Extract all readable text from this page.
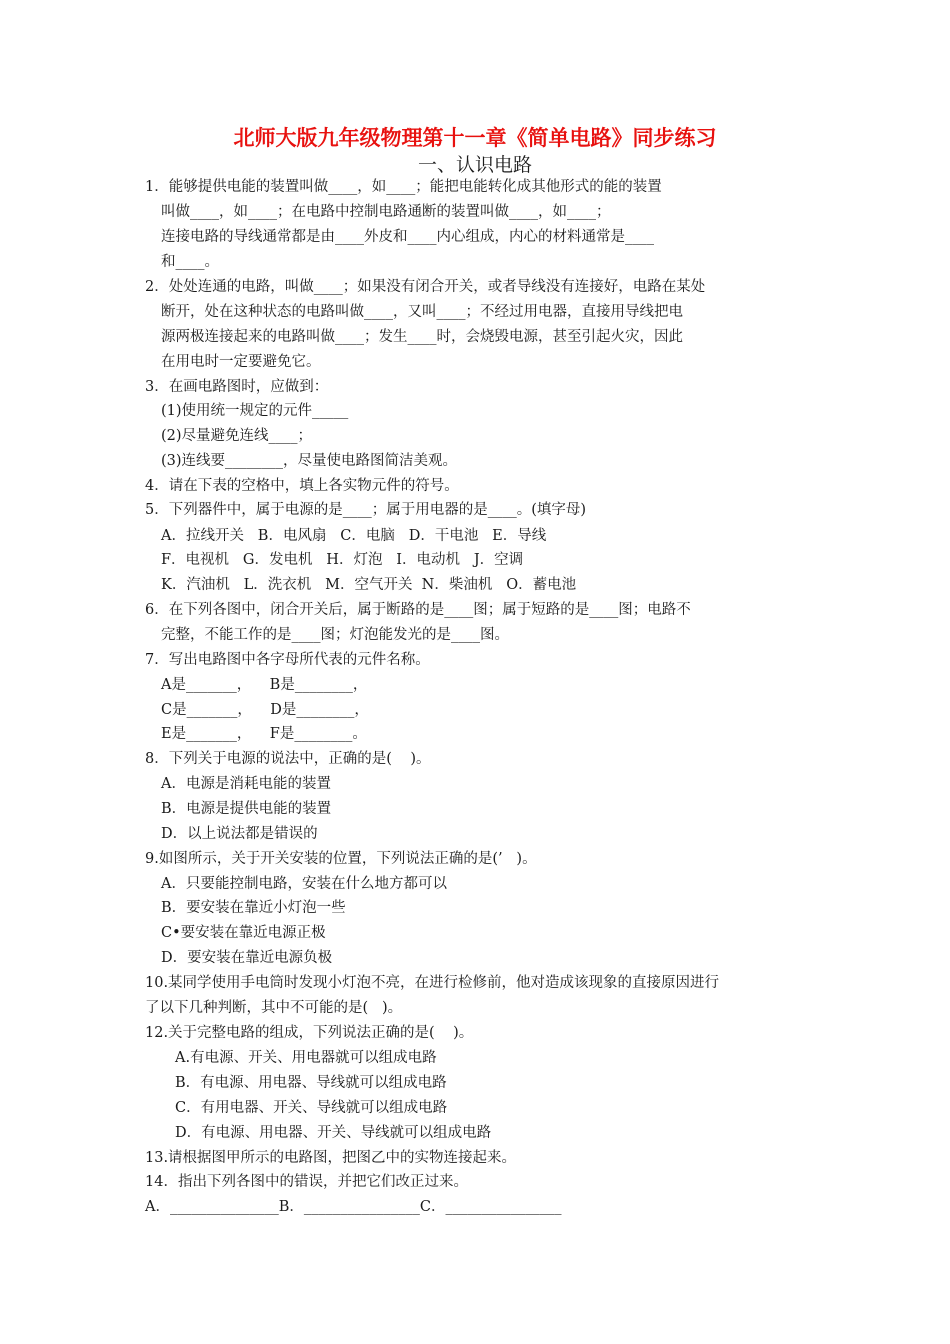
北师大版九年级物理第十一章《简单电路》同步练习
一、认识电路
1．能够提供电能的装置叫做____，如____；能把电能转化成其他形式的能的装置
叫做____，如____；在电路中控制电路通断的装置叫做____，如____；
连接电路的导线通常都是由____外皮和____内心组成，内心的材料通常是____
和____。
2．处处连通的电路，叫做____；如果没有闭合开关，或者导线没有连接好，电路在某处
断开，处在这种状态的电路叫做____，又叫____；不经过用电器，直接用导线把电
源两极连接起来的电路叫做____；发生____时，会烧毁电源，甚至引起火灾，因此
在用电时一定要避免它。
3．在画电路图时，应做到：
(1)使用统一规定的元件_____
(2)尽量避免连线____；
(3)连线要________，尽量使电路图简洁美观。
4．请在下表的空格中，填上各实物元件的符号。
5．下列器件中，属于电源的是____；属于用电器的是____。(填字母)
A．拉线开关   B．电风扇   C．电脑   D．干电池   E．导线
F．电视机   G．发电机   H．灯泡   I．电动机   J．空调
K．汽油机   L．洗衣机   M．空气开关  N．柴油机   O．蓄电池
6．在下列各图中，闭合开关后，属于断路的是____图；属于短路的是____图；电路不
完整，不能工作的是____图；灯泡能发光的是____图。
7．写出电路图中各字母所代表的元件名称。
A是_______，    B是________，
C是_______，    D是________，
E是_______，    F是________。
8．下列关于电源的说法中，正确的是(    )。
A．电源是消耗电能的装置
B．电源是提供电能的装置
D．以上说法都是错误的
9.如图所示，关于开关安装的位置，下列说法正确的是(’   )。
A．只要能控制电路，安装在什么地方都可以
B．要安装在靠近小灯泡一些
C•要安装在靠近电源正极
D．要安装在靠近电源负极
10.某同学使用手电筒时发现小灯泡不亮，在进行检修前，他对造成该现象的直接原因进行
了以下几种判断，其中不可能的是(   )。
12.关于完整电路的组成，下列说法正确的是(    )。
A.有电源、开关、用电器就可以组成电路
B．有电源、用电器、导线就可以组成电路
C．有用电器、开关、导线就可以组成电路
D．有电源、用电器、开关、导线就可以组成电路
13.请根据图甲所示的电路图，把图乙中的实物连接起来。
14．指出下列各图中的错误，并把它们改正过来。
A．_______________B．________________C．________________
